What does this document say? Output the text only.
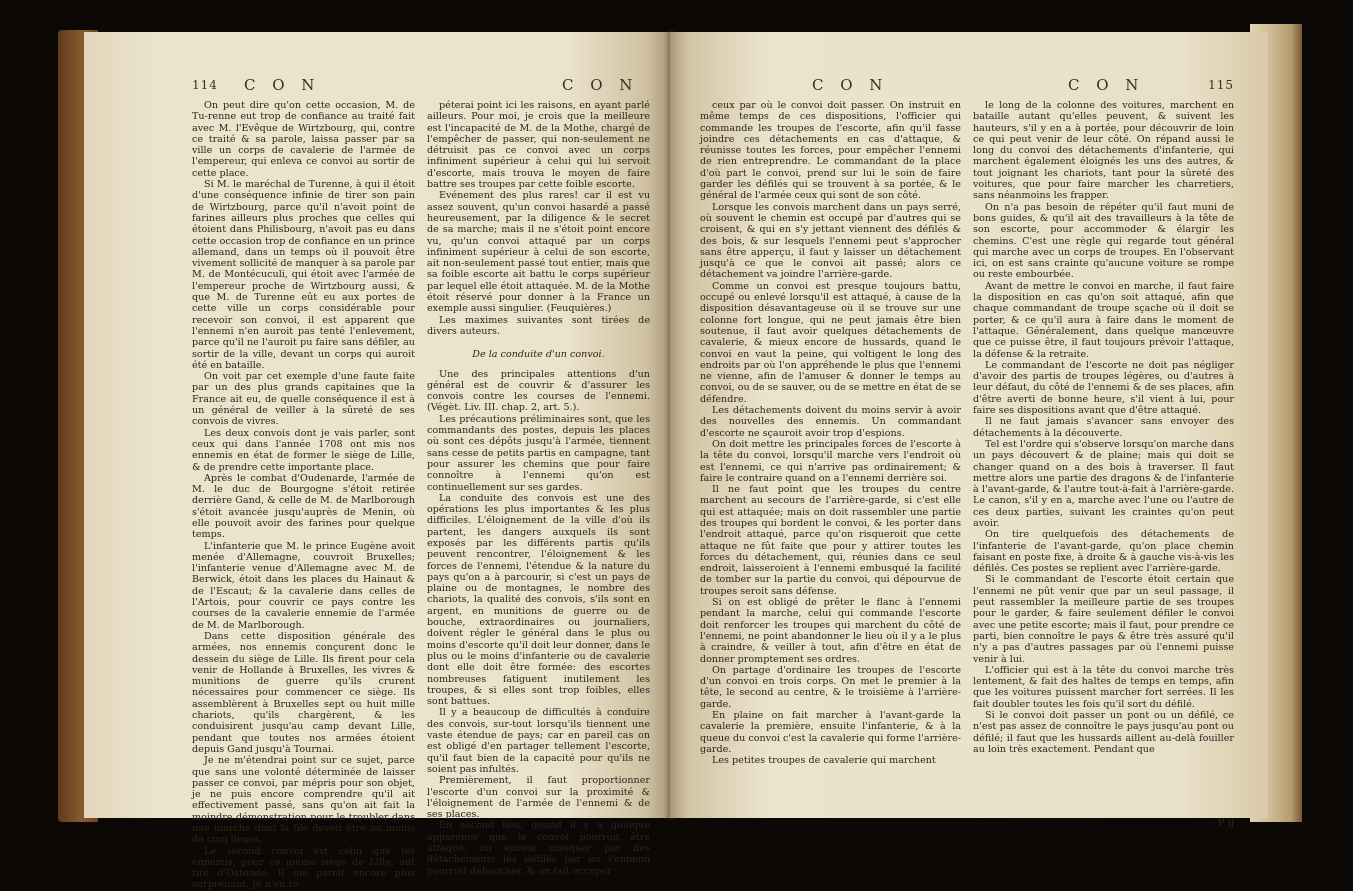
114 C O N	C O N

On peut dire qu'on cette occasion, M. de Tu-renne eut trop de confiance au traité fait avec M. l'Evêque de Wirtzbourg, qui, contre ce traité & sa parole, laissa passer par sa ville un corps de cavalerie de l'armée de l'empereur, qui enleva ce convoi au sortir de cette place.

Si M. le maréchal de Turenne, à qui il étoit d'une conséquence infinie de tirer son pain de Wirtzbourg, parce qu'il n'avoit point de farines ailleurs plus proches que celles qui étoient dans Philisbourg, n'avoit pas eu dans cette occasion trop de confiance en un prince allemand, dans un temps où il pouvoit être vivement sollicité de manquer à sa parole par M. de Montécuculi, qui étoit avec l'armée de l'empereur proche de Wirtzbourg aussi, & que M. de Turenne eût eu aux portes de cette ville un corps considérable pour recevoir son convoi, il est apparent que l'ennemi n'en auroit pas tenté l'enlevement, parce qu'il ne l'auroit pu faire sans défiler, au sortir de la ville, devant un corps qui auroit été en bataille.

On voit par cet exemple d'une faute faite par un des plus grands capitaines que la France ait eu, de quelle conséquence il est à un général de veiller à la sûreté de ses convois de vivres.

Les deux convois dont je vais parler, sont ceux qui dans l'année 1708 ont mis nos ennemis en état de former le siège de Lille, & de prendre cette importante place.

Après le combat d'Oudenarde, l'armée de M. le duc de Bourgogne s'étoit retirée derrière Gand, & celle de M. de Marlborough s'étoit avancée jusqu'auprès de Menin, où elle pouvoit avoir des farines pour quelque temps.

L'infanterie que M. le prince Eugène avoit menée d'Allemagne, couvroit Bruxelles; l'infanterie venue d'Allemagne avec M. de Berwick, étoit dans les places du Hainaut & de l'Escaut; & la cavalerie dans celles de l'Artois, pour couvrir ce pays contre les courses de la cavalerie ennemie de l'armée de M. de Marlborough.

Dans cette disposition générale des armées, nos ennemis conçurent donc le dessein du siège de Lille. Ils firent pour cela venir de Hollande à Bruxelles, les vivres & munitions de guerre qu'ils crurent nécessaires pour commencer ce siège. Ils assemblèrent à Bruxelles sept ou huit mille chariots, qu'ils chargèrent, & les conduisirent jusqu'au camp devant Lille, pendant que toutes nos armées étoient depuis Gand jusqu'à Tournai.

Je ne m'étendrai point sur ce sujet, parce que sans une volonté déterminée de laisser passer ce convoi, par mépris pour son objet, je ne puis encore comprendre qu'il ait effectivement passé, sans qu'on ait fait la moindre démonstration pour le troubler dans une marche dont la file devoit être au moins de cinq lieues.

Le second convoi est celui que les ennemis, pour ce même siège de Lille, ont tiré d'Ostende. Il me paroît encore plus surprenant. Je n'en ré-

péterai point ici les raisons, en ayant parlé ailleurs. Pour moi, je crois que la meilleure est l'incapacité de M. de la Mothe, chargé de l'empêcher de passer, qui non-seulement ne détruisit pas ce convoi avec un corps infiniment supérieur à celui qui lui servoit d'escorte, mais trouva le moyen de faire battre ses troupes par cette foible escorte.

Evénement des plus rares! car il est vu assez souvent, qu'un convoi hasardé a passé heureusement, par la diligence & le secret de sa marche; mais il ne s'étoit point encore vu, qu'un convoi attaqué par un corps infiniment supérieur à celui de son escorte, ait non-seulement passé tout entier, mais que sa foible escorte ait battu le corps supérieur par lequel elle étoit attaquée. M. de la Mothe étoit réservé pour donner à la France un exemple aussi singulier. (Feuquières.)

Les maximes suivantes sont tirées de divers auteurs.

De la conduite d'un convoi.

Une des principales attentions d'un général est de couvrir & d'assurer les convois contre les courses de l'ennemi. (Végèt. Liv. III. chap. 2, art. 5.).

Les précautions préliminaires sont, que les commandants des postes, depuis les places où sont ces dépôts jusqu'à l'armée, tiennent sans cesse de petits partis en campagne, tant pour assurer les chemins que pour faire connoître à l'ennemi qu'on est continuellement sur ses gardes.

La conduite des convois est une des opérations les plus importantes & les plus difficiles. L'éloignement de la ville d'où ils partent, les dangers auxquels ils sont exposés par les différents partis qu'ils peuvent rencontrer, l'éloignement & les forces de l'ennemi, l'étendue & la nature du pays qu'on a à parcourir, si c'est un pays de plaine ou de montagnes, le nombre des chariots, la qualité des convois, s'ils sont en argent, en munitions de guerre ou de bouche, extraordinaires ou journaliers, doivent régler le général dans le plus ou moins d'escorte qu'il doit leur donner, dans le plus ou le moins d'infanterie ou de cavalerie dont elle doit être formée: des escortes nombreuses fatiguent inutilement les troupes, & si elles sont trop foibles, elles sont battues.

Il y a beaucoup de difficultés à conduire des convois, sur-tout lorsqu'ils tiennent une vaste étendue de pays; car en pareil cas on est obligé d'en partager tellement l'escorte, qu'il faut bien de la capacité pour qu'ils ne soient pas infultés.

Premièrement, il faut proportionner l'escorte d'un convoi sur la proximité & l'éloignement de l'armée de l'ennemi & de ses places.

En second lieu, quand il y a quelque apparence que le convoi pourroit être attaqué, on envoie masquer par des détachements les défilés par où l'ennemi pourroit déboucher, & on fait occuper

C O N	C O N	115

ceux par où le convoi doit passer. On instruit en même temps de ces dispositions, l'officier qui commande les troupes de l'escorte, afin qu'il fasse joindre ces détachements en cas d'attaque, & réunisse toutes les forces, pour empêcher l'ennemi de rien entreprendre. Le commandant de la place d'où part le convoi, prend sur lui le soin de faire garder les défilés qui se trouvent à sa portée, & le général de l'armée ceux qui sont de son côté.

Lorsque les convois marchent dans un pays serré, où souvent le chemin est occupé par d'autres qui se croisent, & qui en s'y jettant viennent des défilés & des bois, & sur lesquels l'ennemi peut s'approcher sans être apperçu, il faut y laisser un détachement jusqu'à ce que le convoi ait passé; alors ce détachement va joindre l'arrière-garde.

Comme un convoi est presque toujours battu, occupé ou enlevé lorsqu'il est attaqué, à cause de la disposition désavantageuse où il se trouve sur une colonne fort longue, qui ne peut jamais être bien soutenue, il faut avoir quelques détachements de cavalerie, & mieux encore de hussards, quand le convoi en vaut la peine, qui voltigent le long des endroits par où l'on appréhende le plus que l'ennemi ne vienne, afin de l'amuser & donner le temps au convoi, ou de se sauver, ou de se mettre en état de se défendre.

Les détachements doivent du moins servir à avoir des nouvelles des ennemis. Un commandant d'escorte ne sçauroit avoir trop d'espions.

On doit mettre les principales forces de l'escorte à la tête du convoi, lorsqu'il marche vers l'endroit où est l'ennemi, ce qui n'arrive pas ordinairement; & faire le contraire quand on a l'ennemi derrière soi.

Il ne faut point que les troupes du centre marchent au secours de l'arrière-garde, si c'est elle qui est attaquée; mais on doit rassembler une partie des troupes qui bordent le convoi, & les porter dans l'endroit attaqué, parce qu'on risqueroit que cette attaque ne fût faite que pour y attirer toutes les forces du détachement, qui, réunies dans ce seul endroit, laisseroient à l'ennemi embusqué la facilité de tomber sur la partie du convoi, qui dépourvue de troupes seroit sans défense.

Si on est obligé de prêter le flanc à l'ennemi pendant la marche, celui qui commande l'escorte doit renforcer les troupes qui marchent du côté de l'ennemi, ne point abandonner le lieu où il y a le plus à craindre, & veiller à tout, afin d'être en état de donner promptement ses ordres.

On partage d'ordinaire les troupes de l'escorte d'un convoi en trois corps. On met le premier à la tête, le second au centre, & le troisième à l'arrière-garde.

En plaine on fait marcher à l'avant-garde la cavalerie la première, ensuite l'infanterie, & à la queue du convoi c'est la cavalerie qui forme l'arrière-garde.

Les petites troupes de cavalerie qui marchent

le long de la colonne des voitures, marchent en bataille autant qu'elles peuvent, & suivent les hauteurs, s'il y en a à portée, pour découvrir de loin ce qui peut venir de leur côté. On répand aussi le long du convoi des détachements d'infanterie, qui marchent également éloignés les uns des autres, & tout joignant les chariots, tant pour la sûreté des voitures, que pour faire marcher les charretiers, sans néanmoins les frapper.

On n'a pas besoin de répéter qu'il faut muni de bons guides, & qu'il ait des travailleurs à la tête de son escorte, pour accommoder & élargir les chemins. C'est une règle qui regarde tout général qui marche avec un corps de troupes. En l'observant ici, on est sans crainte qu'aucune voiture se rompe ou reste embourbée.

Avant de mettre le convoi en marche, il faut faire la disposition en cas qu'on soit attaqué, afin que chaque commandant de troupe sçache où il doit se porter, & ce qu'il aura à faire dans le moment de l'attaque. Généralement, dans quelque manœuvre que ce puisse être, il faut toujours prévoir l'attaque, la défense & la retraite.

Le commandant de l'escorte ne doit pas négliger d'avoir des partis de troupes légères, ou d'autres à leur défaut, du côté de l'ennemi & de ses places, afin d'être averti de bonne heure, s'il vient à lui, pour faire ses dispositions avant que d'être attaqué.

Il ne faut jamais s'avancer sans envoyer des détachements à la découverte.

Tel est l'ordre qui s'observe lorsqu'on marche dans un pays découvert & de plaine; mais qui doit se changer quand on a des bois à traverser. Il faut mettre alors une partie des dragons & de l'infanterie à l'avant-garde, & l'autre tout-à-fait à l'arrière-garde. Le canon, s'il y en a, marche avec l'une ou l'autre de ces deux parties, suivant les craintes qu'on peut avoir.

On tire quelquefois des détachements de l'infanterie de l'avant-garde, qu'on place chemin faisant en poste fixe, à droite & à gauche vis-à-vis les défilés. Ces postes se replient avec l'arrière-garde.

Si le commandant de l'escorte étoit certain que l'ennemi ne pût venir que par un seul passage, il peut rassembler la meilleure partie de ses troupes pour le garder, & faire seulement défiler le convoi avec une petite escorte; mais il faut, pour prendre ce parti, bien connoître le pays & être très assuré qu'il n'y a pas d'autres passages par où l'ennemi puisse venir à lui.

L'officier qui est à la tête du convoi marche très lentement, & fait des haltes de temps en temps, afin que les voitures puissent marcher fort serrées. Il les fait doubler toutes les fois qu'il sort du défilé.

Si le convoi doit passer un pont ou un défilé, ce n'est pas assez de connoître le pays jusqu'au pont ou défilé; il faut que les hussards aillent au-delà fouiller au loin très exactement. Pendant que

P ij
